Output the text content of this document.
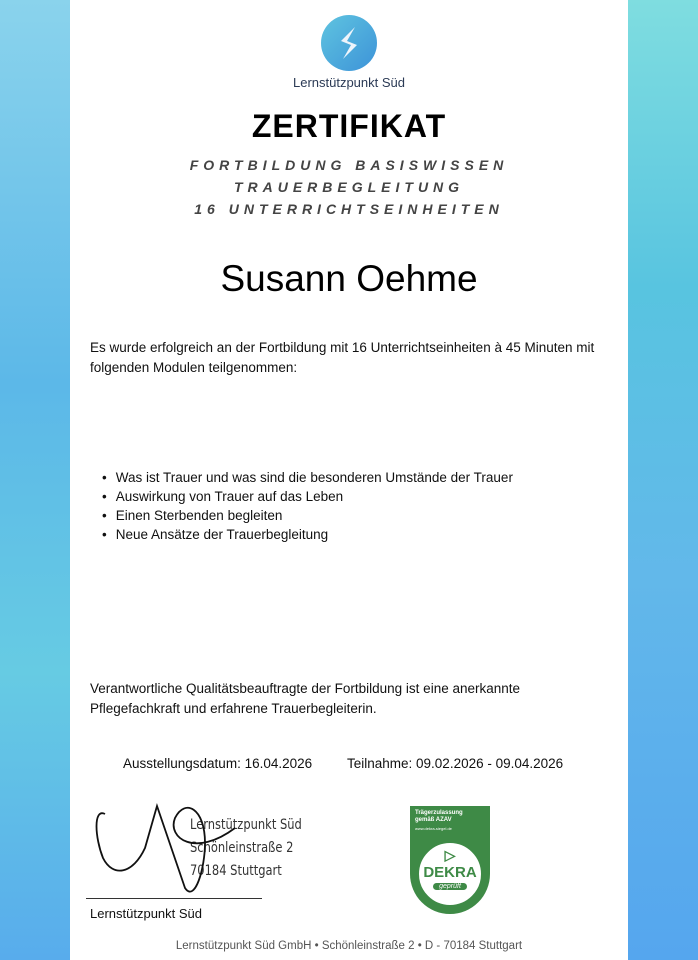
Lernstützpunkt Süd
ZERTIFIKAT
FORTBILDUNG BASISWISSEN
TRAUERBEGLEITUNG
16 UNTERRICHTSEINHEITEN
Susann Oehme
Es wurde erfolgreich an der Fortbildung mit 16 Unterrichtseinheiten à 45 Minuten mit folgenden Modulen teilgenommen:
• Was ist Trauer und was sind die besonderen Umstände der Trauer
• Auswirkung von Trauer auf das Leben
• Einen Sterbenden begleiten
• Neue Ansätze der Trauerbegleitung
Verantwortliche Qualitätsbeauftragte der Fortbildung ist eine anerkannte Pflegefachkraft und erfahrene Trauerbegleiterin.
Ausstellungsdatum: 16.04.2026	Teilnahme: 09.02.2026 - 09.04.2026
Lernstützpunkt Süd
Schönleinstraße 2
70184 Stuttgart
Lernstützpunkt Süd
Trägerzulassung
gemäß AZAV
www.dekra-siegel.de
▷
DEKRA
geprüft
Lernstützpunkt Süd GmbH • Schönleinstraße 2 • D - 70184 Stuttgart
